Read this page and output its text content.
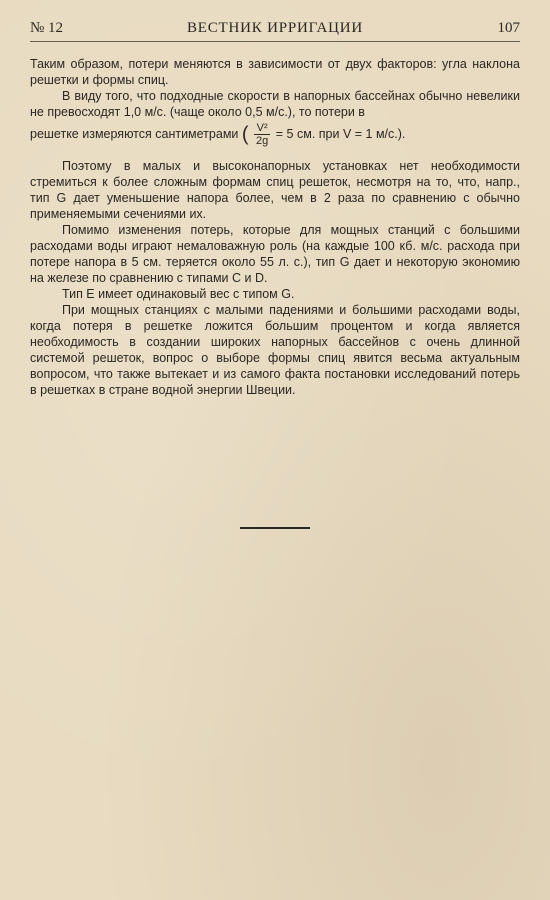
№ 12	ВЕСТНИК ИРРИГАЦИИ	107

Таким образом, потери меняются в зависимости от двух факторов: угла наклона решетки и формы спиц.

В виду того, что подходные скорости в напорных бассейнах обычно невелики не превосходят 1,0 м/с. (чаще около 0,5 м/с.), то потери в

решетке измеряются сантиметрами ( $\frac{\text{V²}}{2g} = 5$ см. при V = 1 м/с.).

Поэтому в малых и высоконапорных установках нет необходимости стремиться к более сложным формам спиц решеток, несмотря на то, что, напр., тип G дает уменьшение напора более, чем в 2 раза по сравнению с обычно применяемыми сечениями их.

Помимо изменения потерь, которые для мощных станций с большими расходами воды играют немаловажную роль (на каждые 100 кб. м/с. расхода при потере напора в 5 см. теряется около 55 л. с.), тип G дает и некоторую экономию на железе по сравнению с типами C и D.

Тип E имеет одинаковый вес с типом G.

При мощных станциях с малыми падениями и большими расходами воды, когда потеря в решетке ложится большим процентом и когда является необходимость в создании широких напорных бассейнов с очень длинной системой решеток, вопрос о выборе формы спиц явится весьма актуальным вопросом, что также вытекает и из самого факта постановки исследований потерь в решетках в стране водной энергии Швеции.
